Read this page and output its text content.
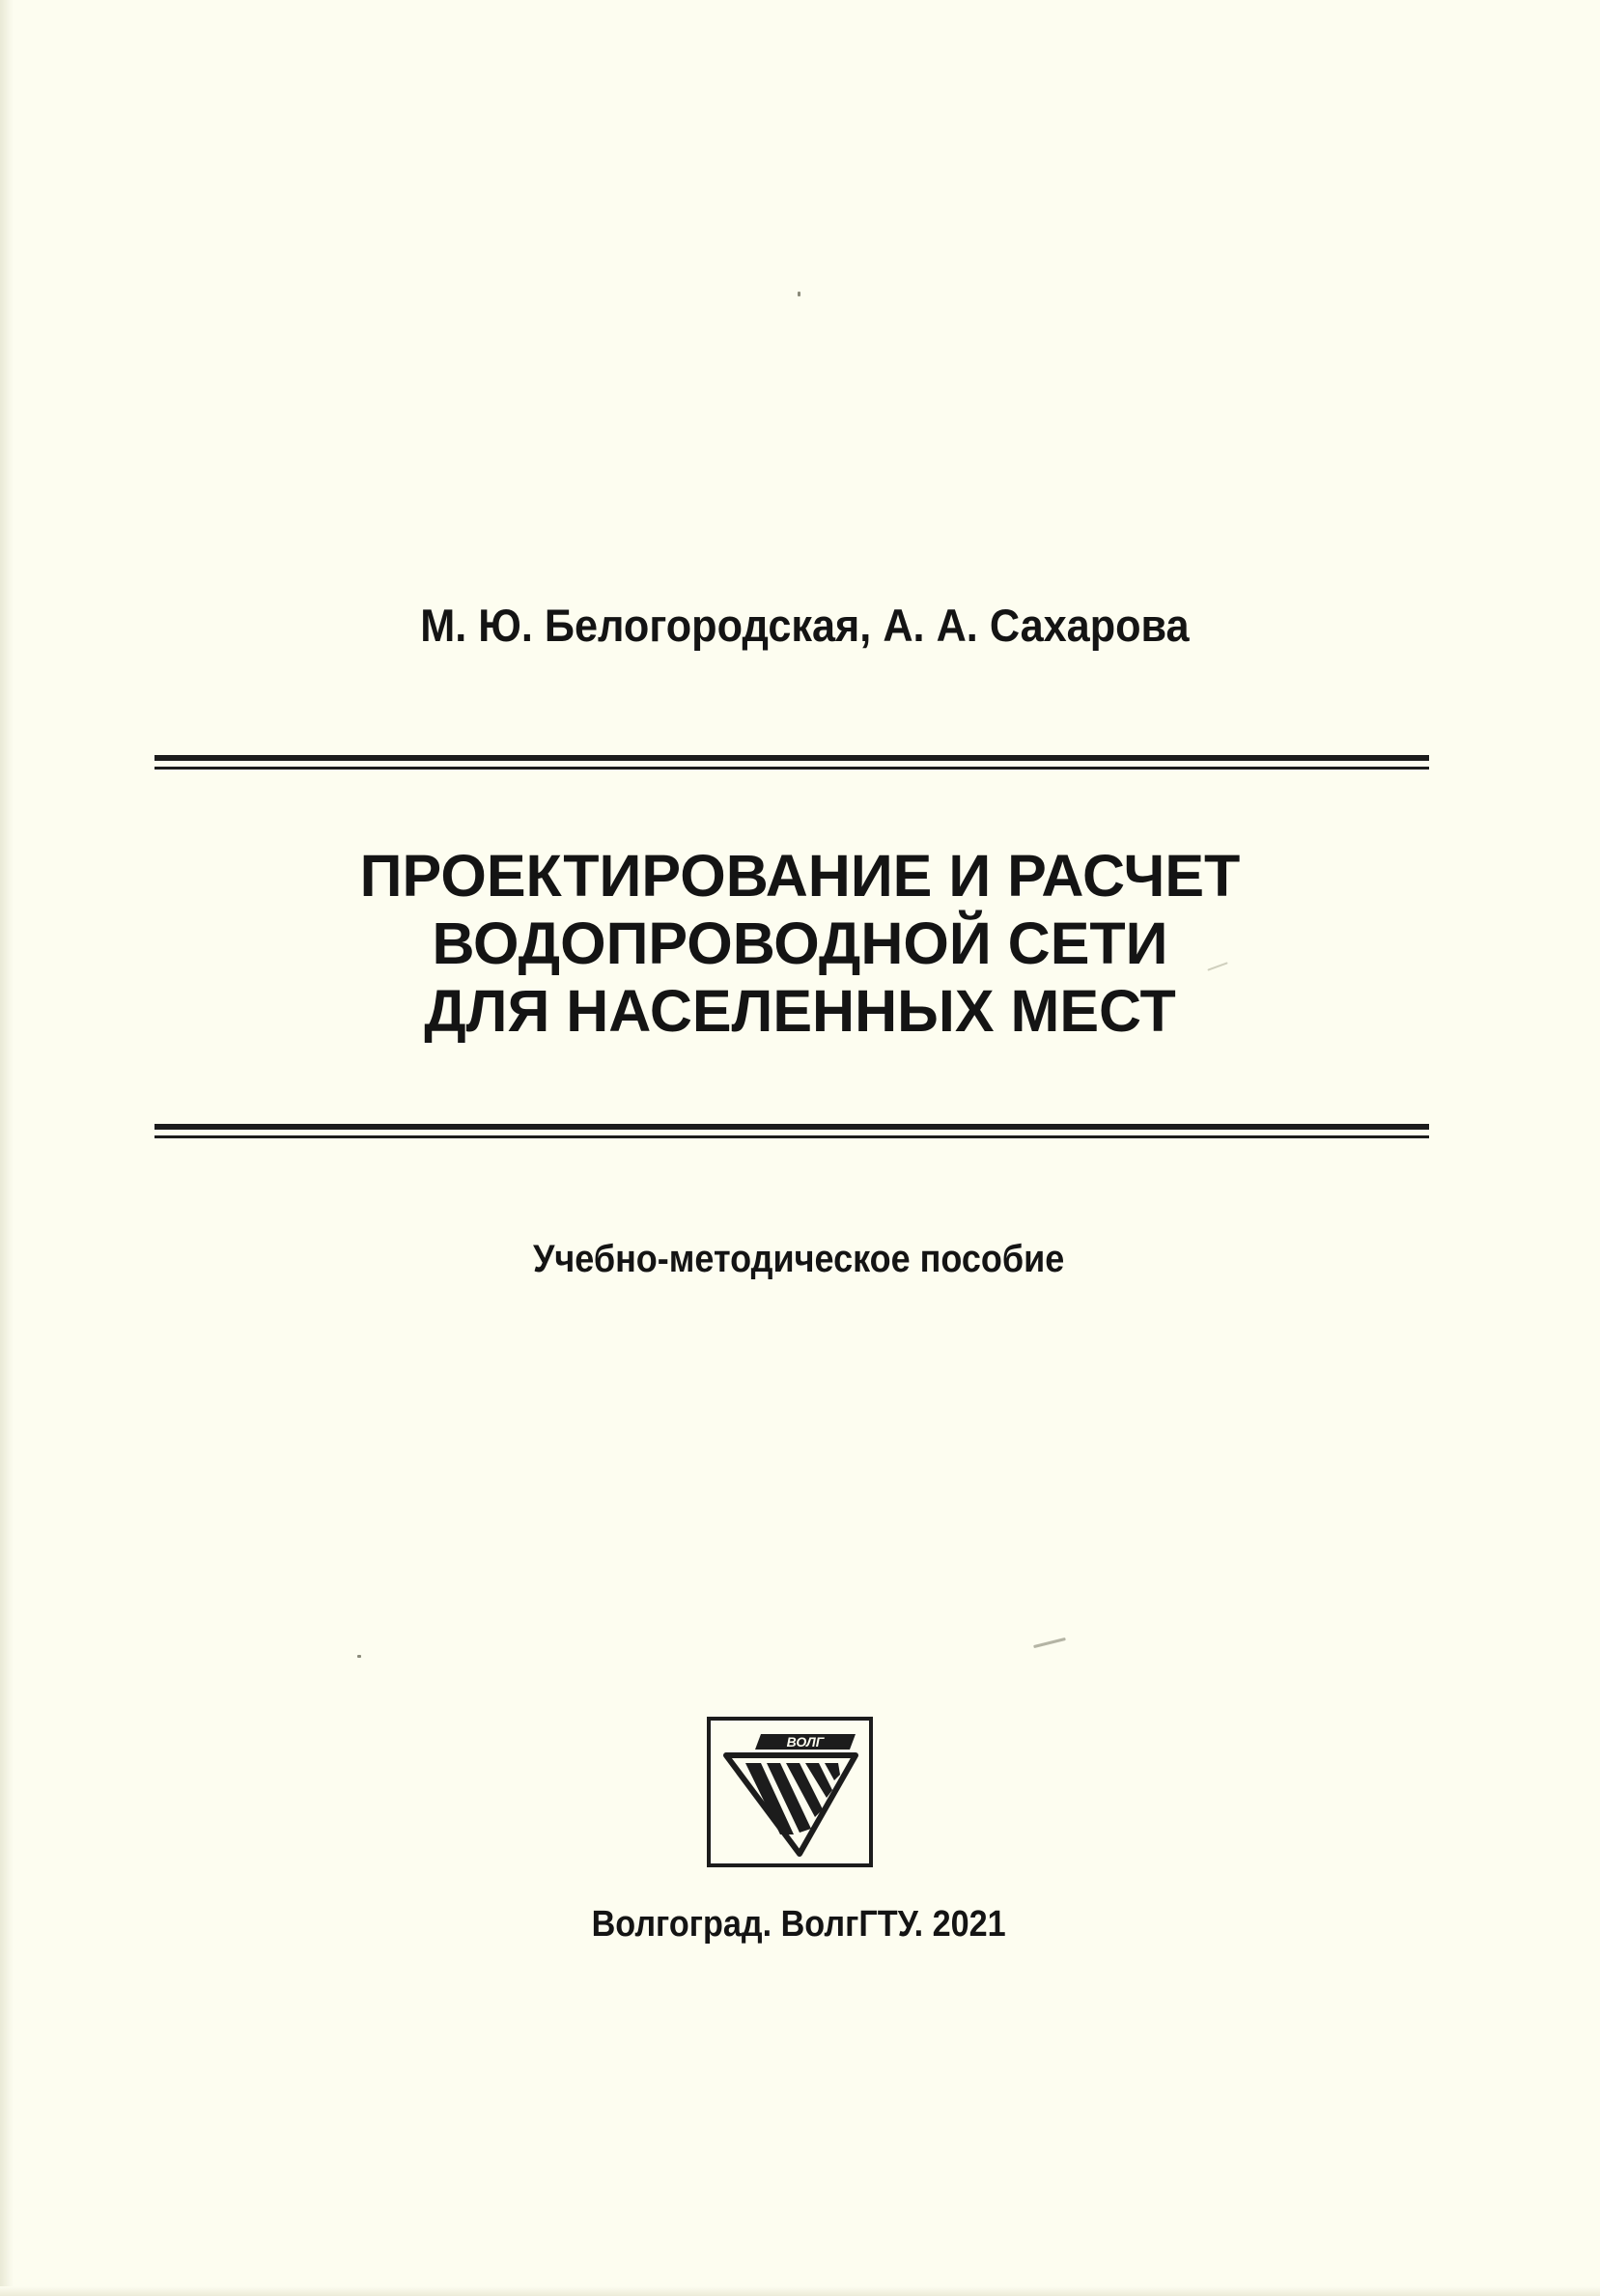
М. Ю. Белогородская, А. А. Сахарова
ПРОЕКТИРОВАНИЕ И РАСЧЕТ
ВОДОПРОВОДНОЙ СЕТИ
ДЛЯ НАСЕЛЕННЫХ МЕСТ
Учебно-методическое пособие
ВОЛГ
Волгоград. ВолгГТУ. 2021
